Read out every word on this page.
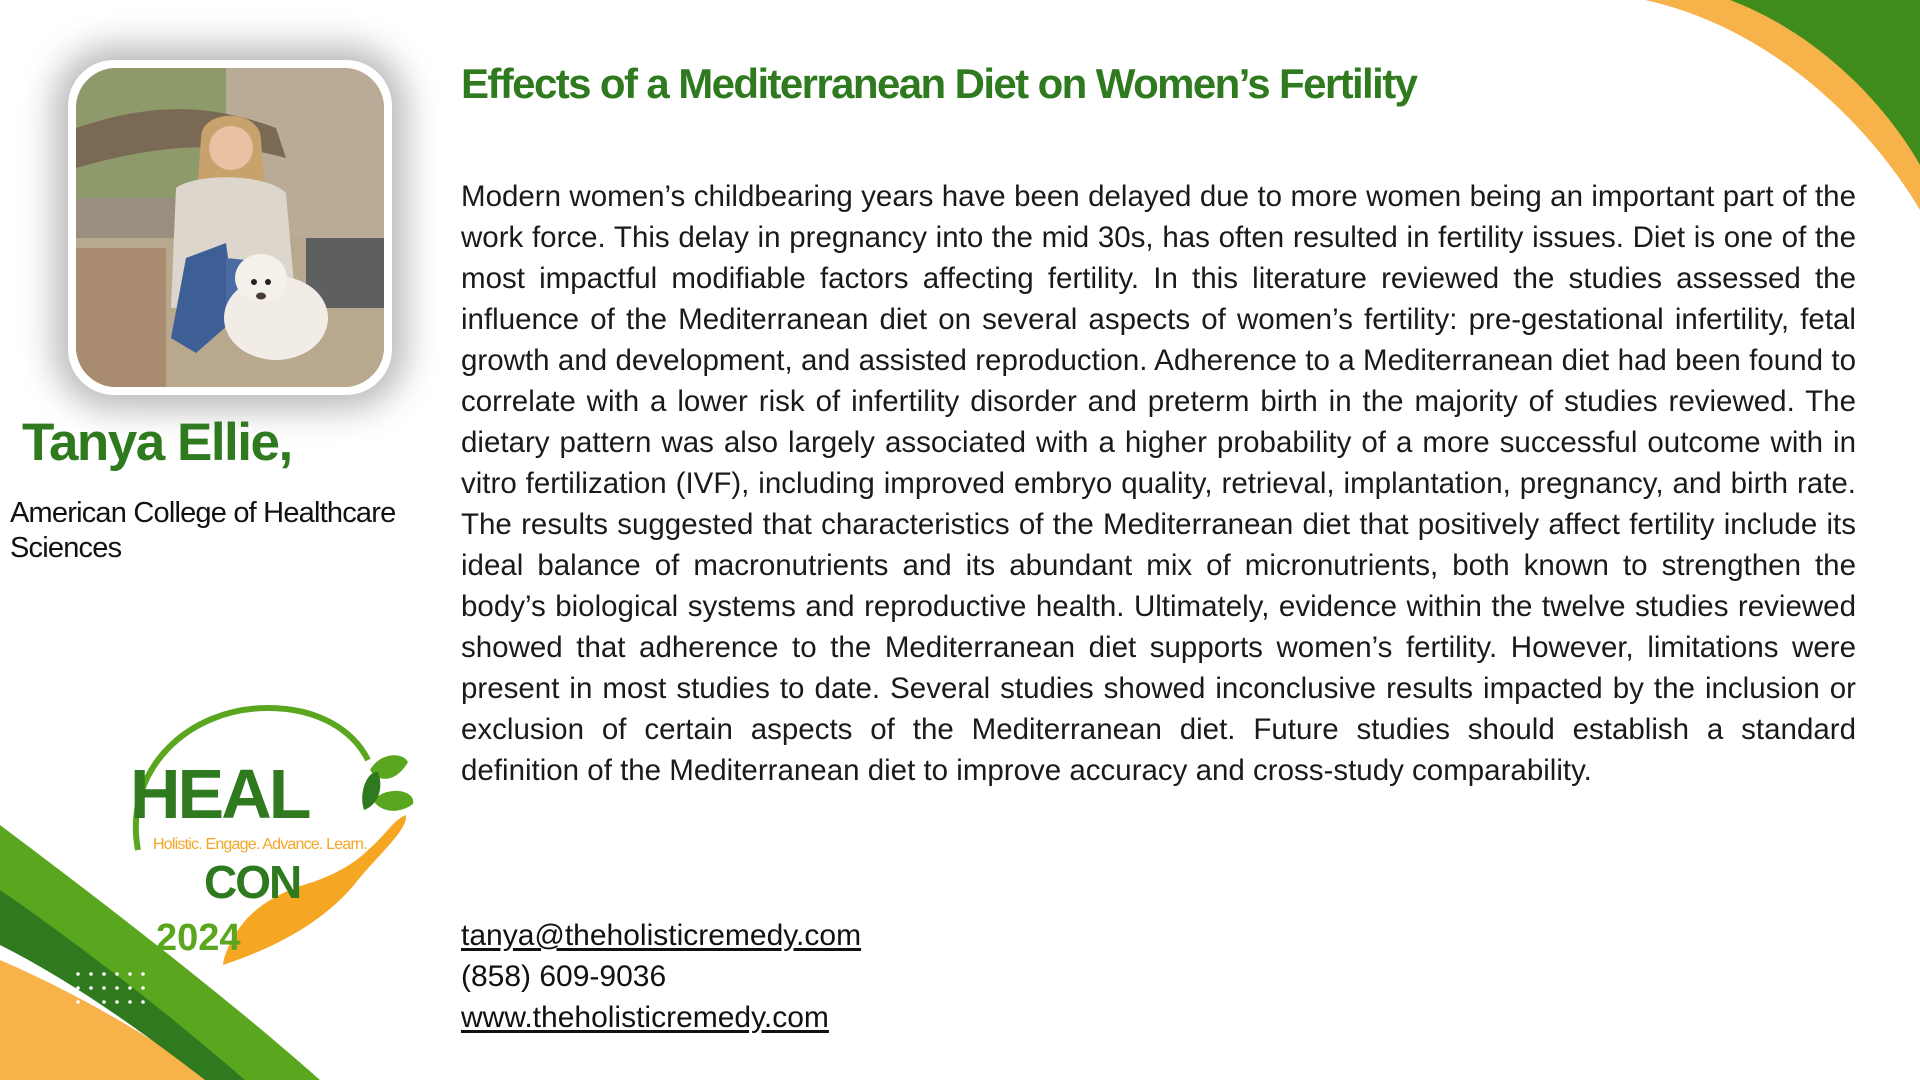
Tanya Ellie,
American College of Healthcare Sciences
HEAL
Holistic. Engage. Advance. Learn.
CON
2024
Effects of a Mediterranean Diet on Women’s Fertility

Modern women’s childbearing years have been delayed due to more women being an important part of the work force. This delay in pregnancy into the mid 30s, has often resulted in fertility issues. Diet is one of the most impactful modifiable factors affecting fertility. In this literature reviewed the studies assessed the influence of the Mediterranean diet on several aspects of women’s fertility: pre-gestational infertility, fetal growth and development, and assisted reproduction. Adherence to a Mediterranean diet had been found to correlate with a lower risk of infertility disorder and preterm birth in the majority of studies reviewed. The dietary pattern was also largely associated with a higher probability of a more successful outcome with in vitro fertilization (IVF), including improved embryo quality, retrieval, implantation, pregnancy, and birth rate. The results suggested that characteristics of the Mediterranean diet that positively affect fertility include its ideal balance of macronutrients and its abundant mix of micronutrients, both known to strengthen the body’s biological systems and reproductive health. Ultimately, evidence within the twelve studies reviewed showed that adherence to the Mediterranean diet supports women’s fertility. However, limitations were present in most studies to date. Several studies showed inconclusive results impacted by the inclusion or exclusion of certain aspects of the Mediterranean diet. Future studies should establish a standard definition of the Mediterranean diet to improve accuracy and cross-study comparability.

tanya@theholisticremedy.com
(858) 609-9036
www.theholisticremedy.com
